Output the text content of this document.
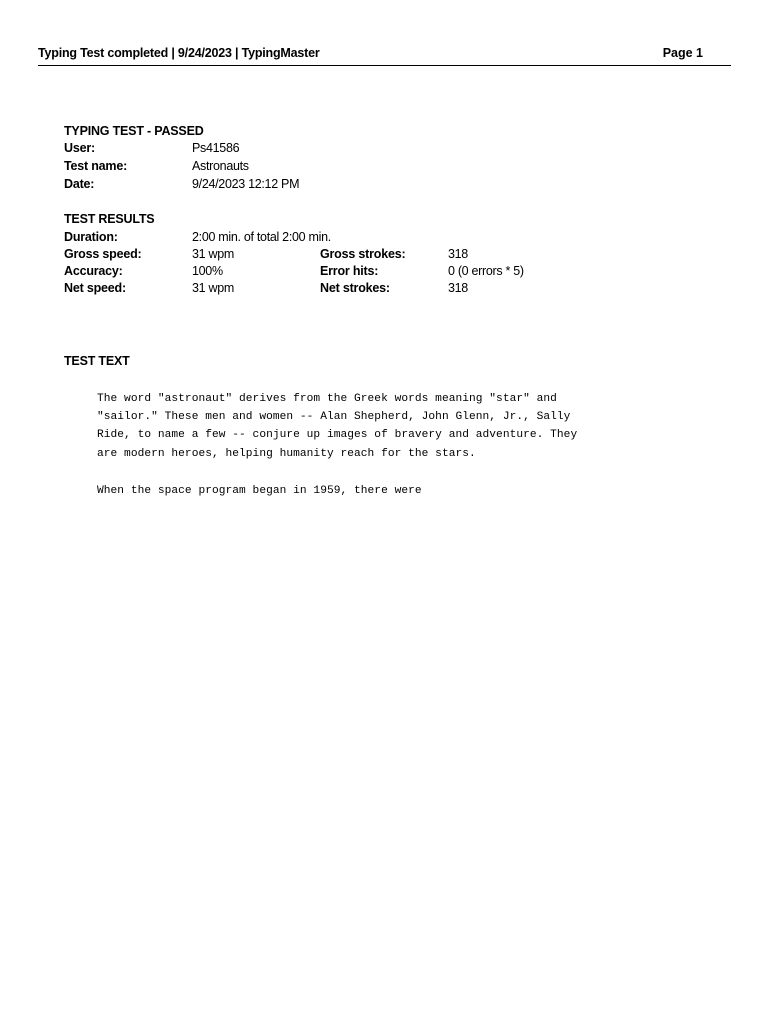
Typing Test completed | 9/24/2023 | TypingMaster	Page 1
TYPING TEST - PASSED
User:	Ps41586
Test name:	Astronauts
Date:	9/24/2023 12:12 PM
TEST RESULTS
Duration:	2:00 min. of total 2:00 min.
Gross speed:	31 wpm	Gross strokes:	318
Accuracy:	100%	Error hits:	0 (0 errors * 5)
Net speed:	31 wpm	Net strokes:	318
TEST TEXT
The word "astronaut" derives from the Greek words meaning "star" and
"sailor." These men and women -- Alan Shepherd, John Glenn, Jr., Sally
Ride, to name a few -- conjure up images of bravery and adventure. They
are modern heroes, helping humanity reach for the stars.
When the space program began in 1959, there were
